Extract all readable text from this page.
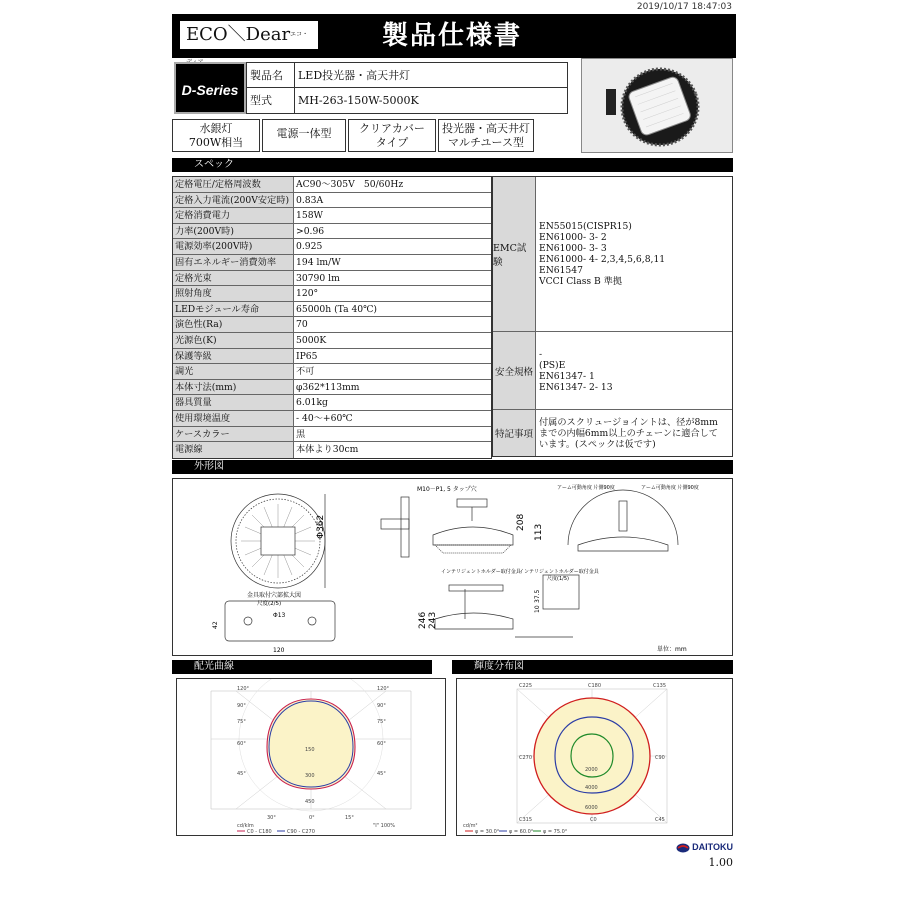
2019/10/17 18:47:03
ECO＼Dear$^{エコ・}$	製品仕様書
D-Series
製品名	LED投光器・高天井灯
型式	MH-263-150W-5000K
水銀灯
700W相当
電源一体型	クリアカバー
タイプ
投光器・高天井灯
マルチユース型
スペック
定格電圧/定格周波数	AC90～305V　50/60Hz
定格入力電流(200V安定時) 0.83A
定格消費電力	158W
力率(200V時)	>0.96
電源効率(200V時)	0.925
固有エネルギー消費効率	194 lm/W
定格光束	30790 lm
照射角度	120°
LEDモジュール寿命	65000h (Ta 40℃)
演色性(Ra)	70
光源色(K)	5000K
保護等級	IP65
調光	不可
本体寸法(mm)	φ362*113mm
器具質量	6.01kg
使用環境温度	- 40～+60℃
ケースカラー	黒
電源線	本体より30cm
EMC試験
EN55015(CISPR15)
EN61000- 3- 2
EN61000- 3- 3
EN61000- 4- 2,3,4,5,6,8,11
EN61547
VCCI Class B 準拠
安全規格
-
(PS)E
EN61347- 1
EN61347- 2- 13
特記事項
付属のスクリュージョイントは、径が8mm
までの内幅6mm以上のチェーンに適合して
います。(スペックは仮です)
外形図
Φ362	208
113
246 243
120
42
Φ13
37.5
10
M10－P1, 5 タップ穴	アーム可動角度 片側90度	アーム可動角度 片側90度
金具取付穴部拡大図
尺度(2/5)
インテリジェントホルダー取付金具
インテリジェントホルダー取付金具
尺度(1/5)
単位：mm
配光曲線	輝度分布図
120°	120°
90°	90°
75°	75°
60°	60°
45°	45°
30°	0°	15°
150
300
450
cd/klm
C0 - C180	C90 - C270
"I" 100%
C225	C180	C135
C270	C90
C315	C0	C45
2000
4000
6000
cd/m²
φ = 30.0° φ = 60.0° φ = 75.0°
DAITOKU
1.00
